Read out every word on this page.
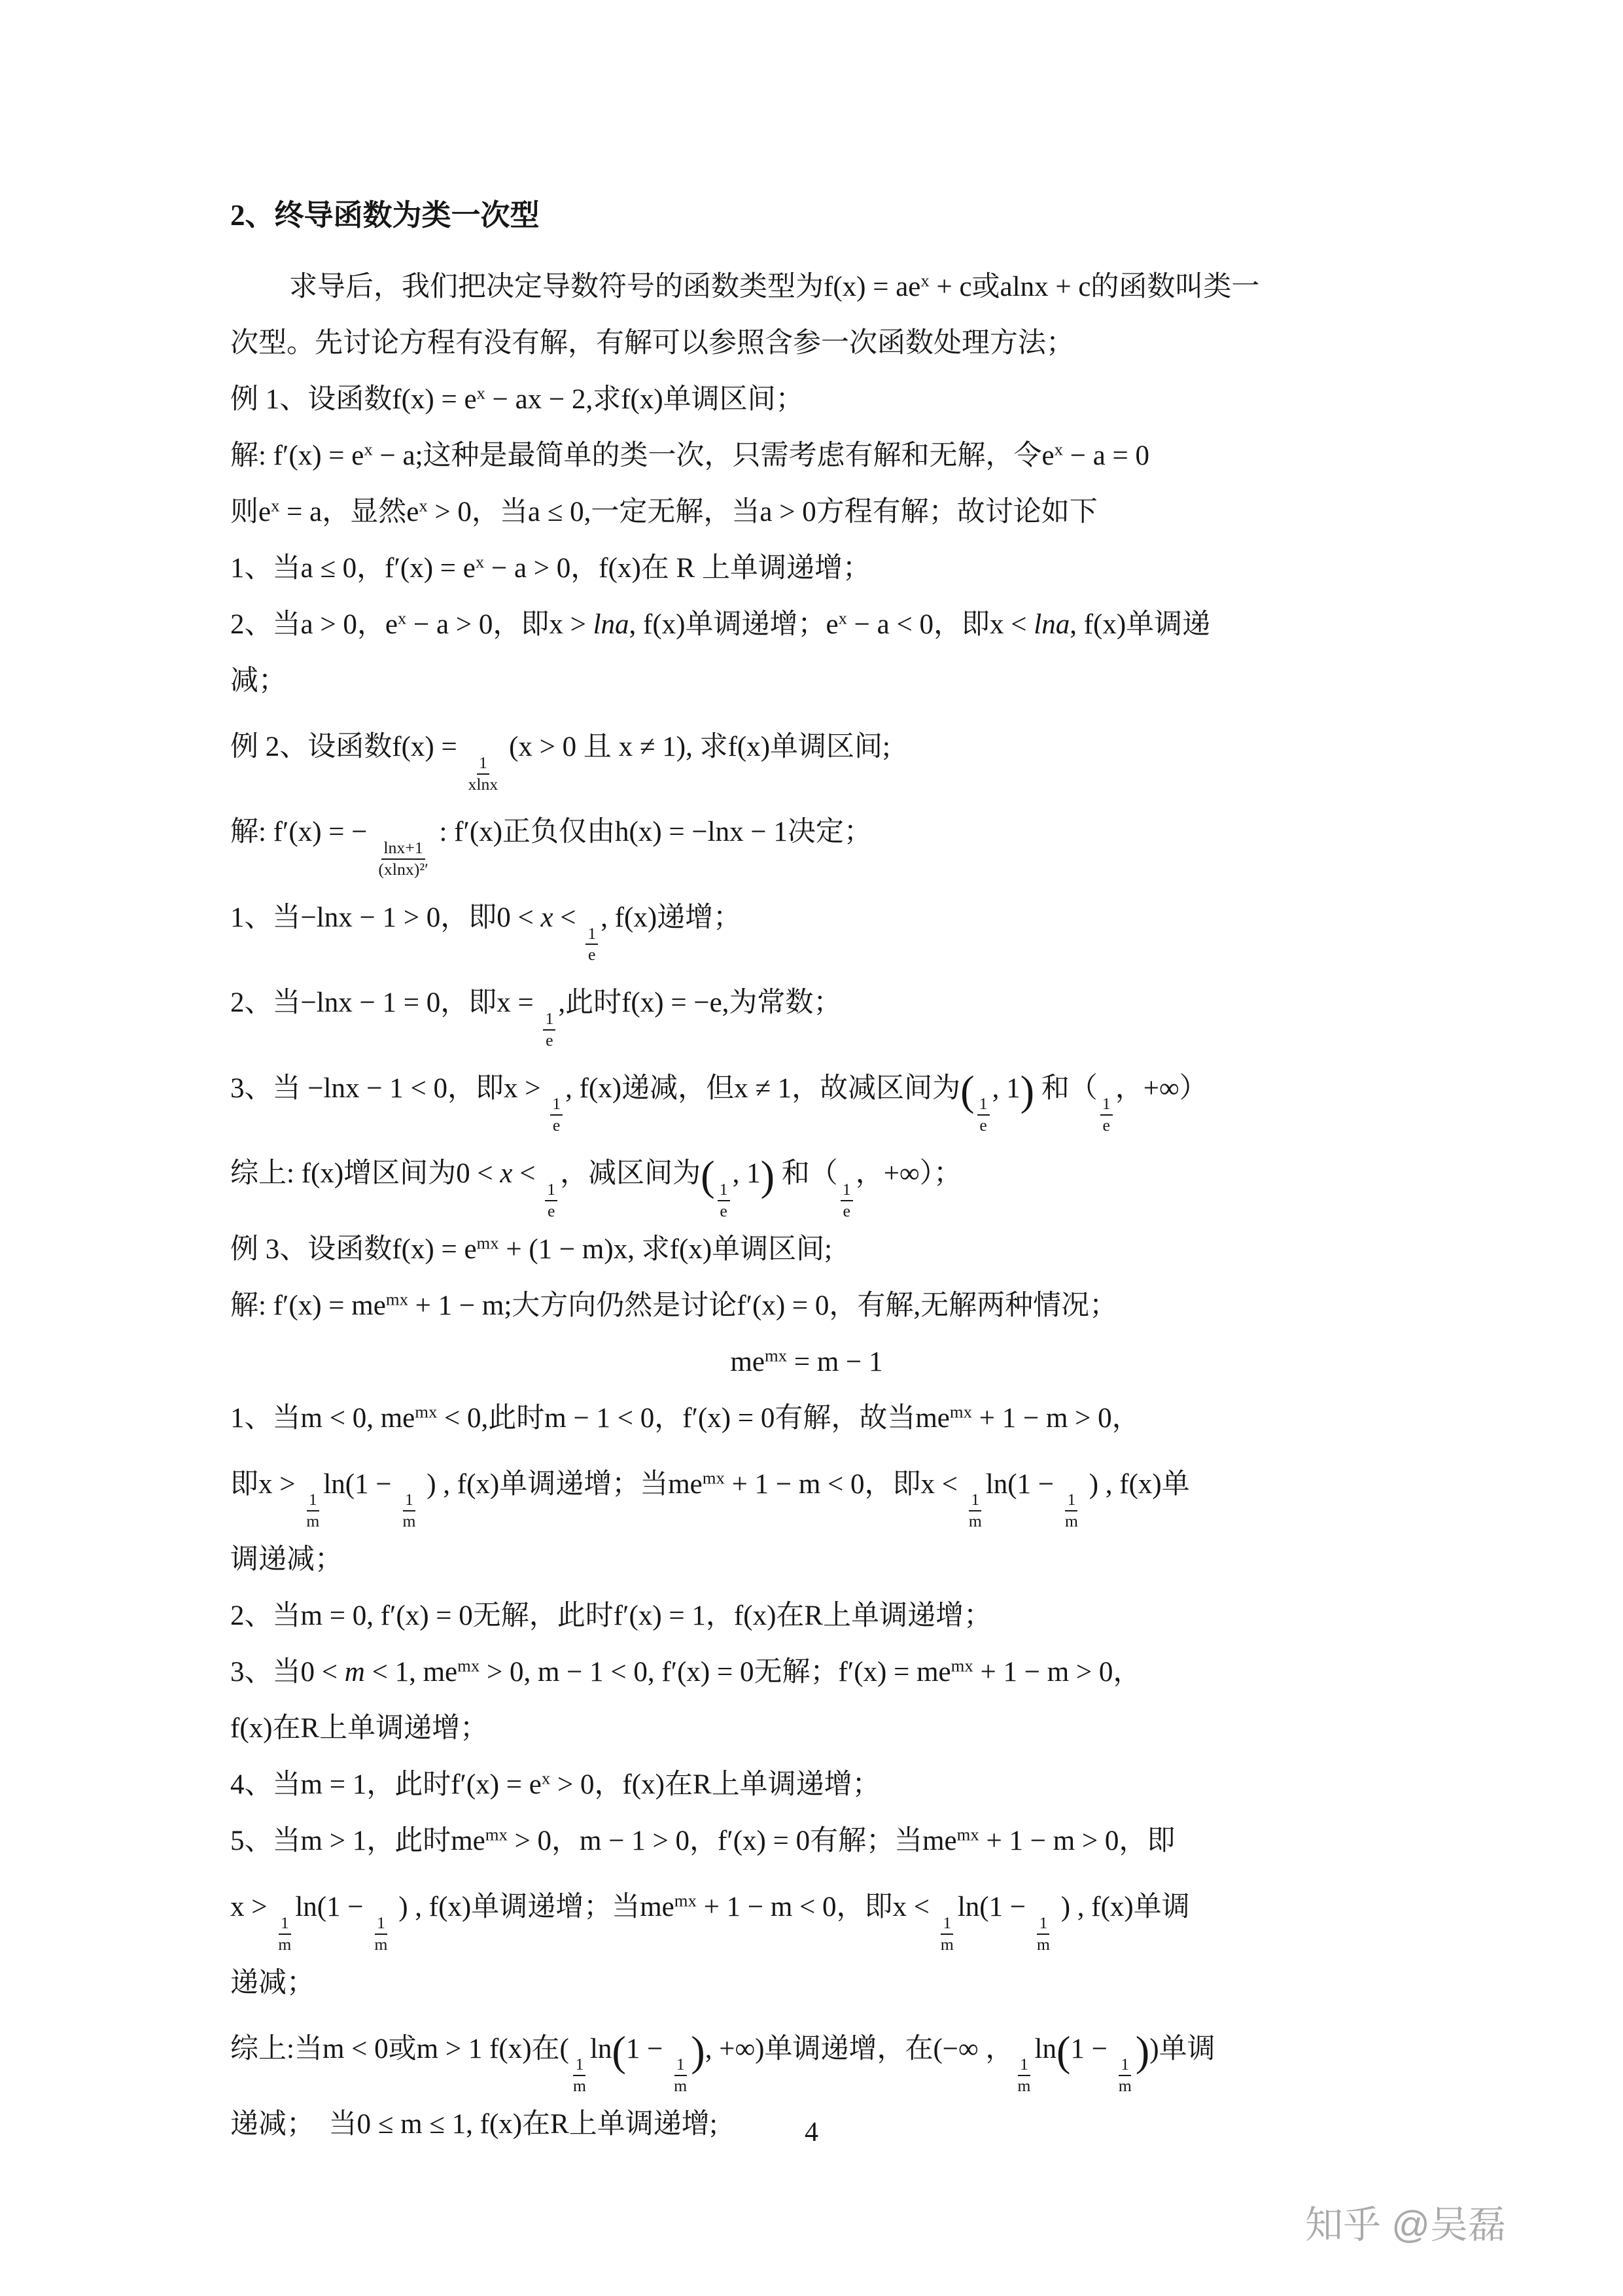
2、终导函数为类一次型

求导后，我们把决定导数符号的函数类型为$f(x) = ae^x + c$或alnx + c的函数叫类一

次型。先讨论方程有没有解，有解可以参照含参一次函数处理方法；

例 1、设函数$f(x) = e^x$ − ax − 2,求f(x)单调区间；

解: $f'(x) = e^x - a$;这种是最简单的类一次，只需考虑有解和无解，令$e^x - a = 0$

则$e^x = a$，显然$e^x > 0$，当a ≤ 0,一定无解，当a > 0方程有解；故讨论如下

1、当a ≤ 0，$f'(x) = e^x - a > 0$，f(x)在 R 上单调递增；

2、当a > 0，$e^x - a > 0$，即x > lna, f(x)单调递增；$e^x - a < 0$，即x < lna, f(x)单调递

减；

例 2、设函数f(x) =
$\frac{1}{xlnx}$
(x > 0 且 x ≠ 1), 求f(x)单调区间;

解: f′(x) = −
$\frac{\ln x+1}{\text{(xlnx)²′}}$
: f′(x)正负仅由h(x) = −lnx − 1决定；

1、当−lnx − 1 > 0，即0 < x <
$\frac{1}{e}$
, f(x)递增；

2、当−lnx − 1 = 0，即x =
$\frac{1}{e}$
,此时f(x) = −e,为常数；

3、当 −lnx − 1 < 0，即x >
$\frac{1}{e}$
, f(x)递减，但x ≠ 1，故减区间为(
$\frac{1}{e}$
, 1) 和（
$\frac{1}{e}$
，+∞）

综上: f(x)增区间为0 < x <
$\frac{1}{e}$
，减区间为(
$\frac{1}{e}$
, 1) 和（
$\frac{1}{e}$
，+∞）；

例 3、设函数$f(x) = e^{mx} + (1 - m)x$, 求f(x)单调区间;

解: $f'(x) = me^{mx} + 1 - m$;大方向仍然是讨论f′(x) = 0，有解,无解两种情况；

$me^{mx} = m - 1$

1、当m < 0, $me^{mx} < 0$,此时m − 1 < 0，f′(x) = 0有解，故当$me^{mx} + 1 - m > 0$，

即x >
$\frac{1}{m}$
ln(1 −
$\frac{1}{m}$
) , f(x)单调递增；当$me^{mx} + 1 - m < 0$，即x <
$\frac{1}{m}$
ln(1 −
$\frac{1}{m}$
) , f(x)单

调递减；

2、当m = 0, f′(x) = 0无解，此时f′(x) = 1，f(x)在R上单调递增；

3、当0 < m < 1, $me^{mx} > 0$, m − 1 < 0, f′(x) = 0无解；$f'(x) = me^{mx} + 1 - m > 0$，

f(x)在R上单调递增；

4、当m = 1，此时$f'(x) = e^x > 0$，f(x)在R上单调递增；

5、当m > 1，此时$me^{mx} > 0$，m − 1 > 0，f′(x) = 0有解；当$me^{mx} + 1 - m > 0$，即

x >
$\frac{1}{m}$
ln(1 −
$\frac{1}{m}$
) , f(x)单调递增；当$me^{mx} + 1 - m < 0$，即x <
$\frac{1}{m}$
ln(1 −
$\frac{1}{m}$
) , f(x)单调

递减；

综上:当m < 0或m > 1 f(x)在(
$\frac{1}{m}$
ln(1 −
$\frac{1}{m}$
), +∞)单调递增，在(−∞ ，
$\frac{1}{m}$
ln(1 −
$\frac{1}{m}$
))单调

递减；　当0 ≤ m ≤ 1, f(x)在R上单调递增;	4
知乎 @吴磊
